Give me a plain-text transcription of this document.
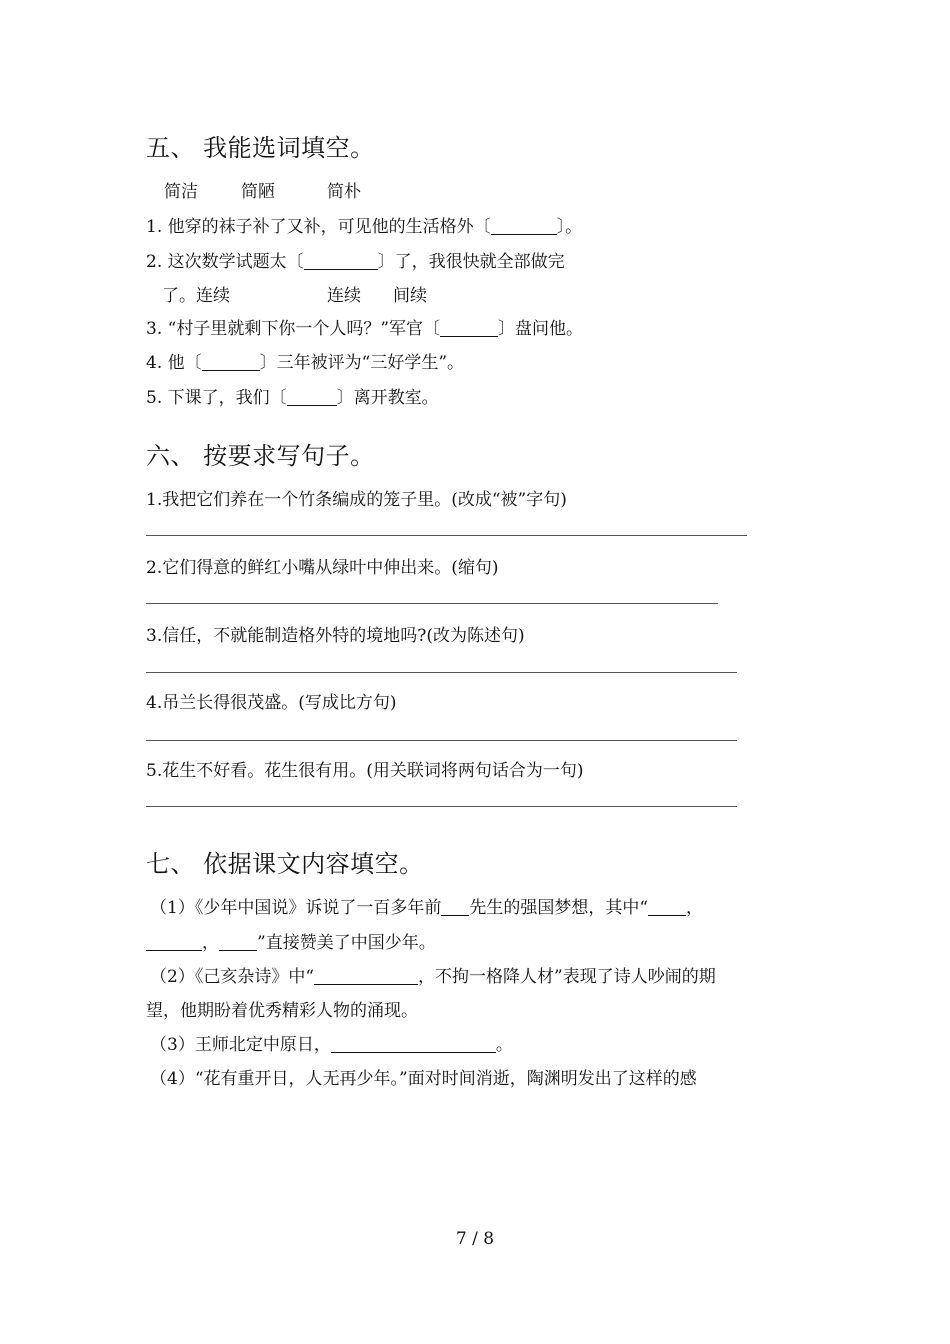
五、 我能选词填空。
简洁	简陋	简朴
1. 他穿的袜子补了又补，可见他的生活格外〔	〕。
2. 这次数学试题太〔	〕了，我很快就全部做完
了。连续	连续 间续
3. “村子里就剩下你一个人吗？”军官〔	〕盘问他。
4. 他〔	〕三年被评为“三好学生”。
5. 下课了，我们〔	〕离开教室。
六、 按要求写句子。
1.我把它们养在一个竹条编成的笼子里。(改成“被”字句)
2.它们得意的鲜红小嘴从绿叶中伸出来。(缩句)
3.信任，不就能制造格外特的境地吗?(改为陈述句)
4.吊兰长得很茂盛。(写成比方句)
5.花生不好看。花生很有用。(用关联词将两句话合为一句)
七、 依据课文内容填空。
（1）《少年中国说》诉说了一百多年前 先生的强国梦想，其中“ ，
， ”直接赞美了中国少年。
（2）《己亥杂诗》中“	，不拘一格降人材”表现了诗人吵闹的期
望，他期盼着优秀精彩人物的涌现。
（3）王师北定中原日，	。
（4）“花有重开日，人无再少年。”面对时间消逝，陶渊明发出了这样的感
7 / 8
